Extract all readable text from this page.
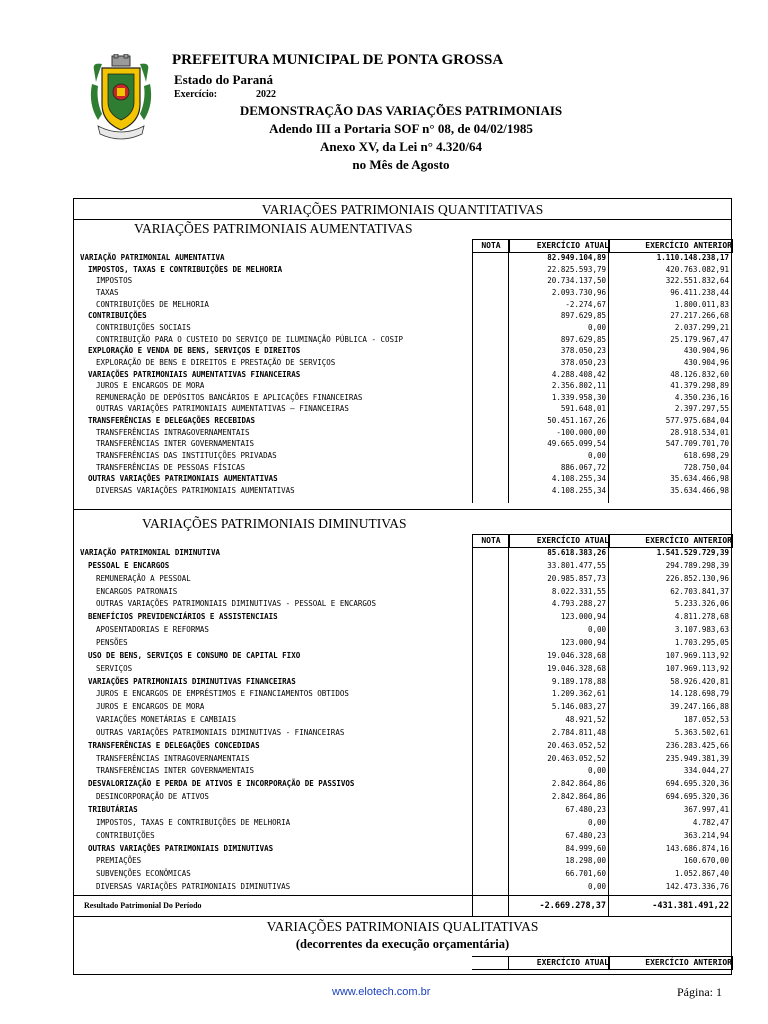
PREFEITURA MUNICIPAL DE PONTA GROSSA
Estado do Paraná
Exercício:	2022
DEMONSTRAÇÃO DAS VARIAÇÕES PATRIMONIAIS
Adendo III a Portaria SOF n° 08, de 04/02/1985
Anexo XV, da Lei n° 4.320/64
no Mês de Agosto
VARIAÇÕES PATRIMONIAIS QUANTITATIVAS
VARIAÇÕES PATRIMONIAIS AUMENTATIVAS
NOTA	EXERCÍCIO ATUAL	EXERCÍCIO ANTERIOR
VARIAÇÃO PATRIMONIAL AUMENTATIVA	82.949.104,89	1.110.148.238,17
IMPOSTOS, TAXAS E CONTRIBUIÇÕES DE MELHORIA	22.825.593,79	420.763.082,91
IMPOSTOS	20.734.137,50	322.551.832,64
TAXAS	2.093.730,96	96.411.238,44
CONTRIBUIÇÕES DE MELHORIA	-2.274,67	1.800.011,83
CONTRIBUIÇÕES	897.629,85	27.217.266,68
CONTRIBUIÇÕES SOCIAIS	0,00	2.037.299,21
CONTRIBUIÇÃO PARA O CUSTEIO DO SERVIÇO DE ILUMINAÇÃO PÚBLICA - COSIP	897.629,85	25.179.967,47
EXPLORAÇÃO E VENDA DE BENS, SERVIÇOS E DIREITOS	378.050,23	430.904,96
EXPLORAÇÃO DE BENS E DIREITOS E PRESTAÇÃO DE SERVIÇOS	378.050,23	430.904,96
VARIAÇÕES PATRIMONIAIS AUMENTATIVAS FINANCEIRAS	4.288.408,42	48.126.832,60
JUROS E ENCARGOS DE MORA	2.356.802,11	41.379.298,89
REMUNERAÇÃO DE DEPÓSITOS BANCÁRIOS E APLICAÇÕES FINANCEIRAS	1.339.958,30	4.350.236,16
OUTRAS VARIAÇÕES PATRIMONIAIS AUMENTATIVAS – FINANCEIRAS	591.648,01	2.397.297,55
TRANSFERÊNCIAS E DELEGAÇÕES RECEBIDAS	50.451.167,26	577.975.684,04
TRANSFERÊNCIAS INTRAGOVERNAMENTAIS	-100.000,00	28.918.534,01
TRANSFERÊNCIAS INTER GOVERNAMENTAIS	49.665.099,54	547.709.701,70
TRANSFERÊNCIAS DAS INSTITUIÇÕES PRIVADAS	0,00	618.698,29
TRANSFERÊNCIAS DE PESSOAS FÍSICAS	886.067,72	728.750,04
OUTRAS VARIAÇÕES PATRIMONIAIS AUMENTATIVAS	4.108.255,34	35.634.466,98
DIVERSAS VARIAÇÕES PATRIMONIAIS AUMENTATIVAS	4.108.255,34	35.634.466,98
VARIAÇÕES PATRIMONIAIS DIMINUTIVAS
NOTA	EXERCÍCIO ATUAL	EXERCÍCIO ANTERIOR
VARIAÇÃO PATRIMONIAL DIMINUTIVA	85.618.383,26	1.541.529.729,39
PESSOAL E ENCARGOS	33.801.477,55	294.789.298,39
REMUNERAÇÃO A PESSOAL	20.985.857,73	226.852.130,96
ENCARGOS PATRONAIS	8.022.331,55	62.703.841,37
OUTRAS VARIAÇÕES PATRIMONIAIS DIMINUTIVAS - PESSOAL E ENCARGOS	4.793.288,27	5.233.326,06
BENEFÍCIOS PREVIDENCIÁRIOS E ASSISTENCIAIS	123.000,94	4.811.278,68
APOSENTADORIAS E REFORMAS	0,00	3.107.983,63
PENSÕES	123.000,94	1.703.295,05
USO DE BENS, SERVIÇOS E CONSUMO DE CAPITAL FIXO	19.046.328,68	107.969.113,92
SERVIÇOS	19.046.328,68	107.969.113,92
VARIAÇÕES PATRIMONIAIS DIMINUTIVAS FINANCEIRAS	9.189.178,88	58.926.420,81
JUROS E ENCARGOS DE EMPRÉSTIMOS E FINANCIAMENTOS OBTIDOS	1.209.362,61	14.128.698,79
JUROS E ENCARGOS DE MORA	5.146.083,27	39.247.166,88
VARIAÇÕES MONETÁRIAS E CAMBIAIS	48.921,52	187.052,53
OUTRAS VARIAÇÕES PATRIMONIAIS DIMINUTIVAS - FINANCEIRAS	2.784.811,48	5.363.502,61
TRANSFERÊNCIAS E DELEGAÇÕES CONCEDIDAS	20.463.052,52	236.283.425,66
TRANSFERÊNCIAS INTRAGOVERNAMENTAIS	20.463.052,52	235.949.381,39
TRANSFERÊNCIAS INTER GOVERNAMENTAIS	0,00	334.044,27
DESVALORIZAÇÃO E PERDA DE ATIVOS E INCORPORAÇÃO DE PASSIVOS	2.842.864,86	694.695.320,36
DESINCORPORAÇÃO DE ATIVOS	2.842.864,86	694.695.320,36
TRIBUTÁRIAS	67.480,23	367.997,41
IMPOSTOS, TAXAS E CONTRIBUIÇÕES DE MELHORIA	0,00	4.782,47
CONTRIBUIÇÕES	67.480,23	363.214,94
OUTRAS VARIAÇÕES PATRIMONIAIS DIMINUTIVAS	84.999,60	143.686.874,16
PREMIAÇÕES	18.298,00	160.670,00
SUBVENÇÕES ECONÔMICAS	66.701,60	1.052.867,40
DIVERSAS VARIAÇÕES PATRIMONIAIS DIMINUTIVAS	0,00	142.473.336,76
Resultado Patrimonial Do Período	-2.669.278,37	-431.381.491,22
VARIAÇÕES PATRIMONIAIS QUALITATIVAS
(decorrentes da execução orçamentária)
EXERCÍCIO ATUAL	EXERCÍCIO ANTERIOR
www.elotech.com.br	Página: 1
